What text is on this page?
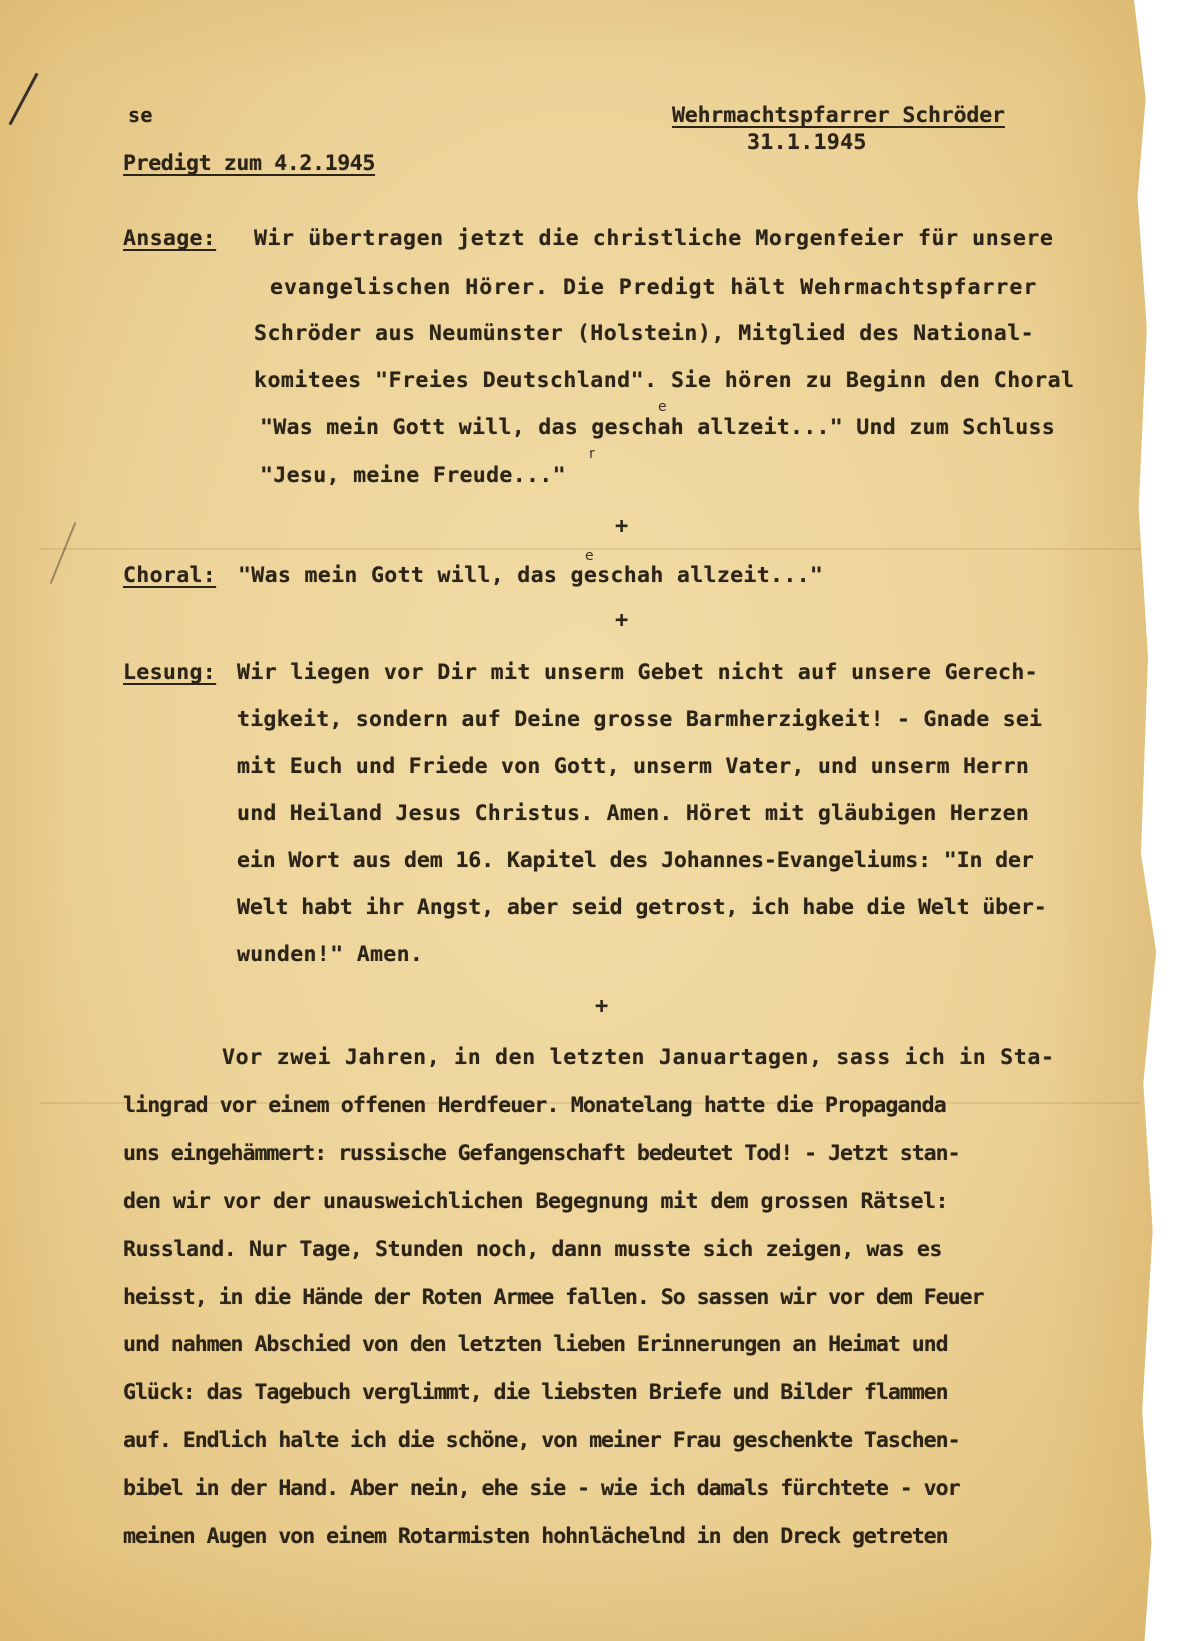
se	Wehrmachtspfarrer Schröder
31.1.1945
Predigt zum 4.2.1945
Ansage: Wir übertragen jetzt die christliche Morgenfeier für unsere
evangelischen Hörer. Die Predigt hält Wehrmachtspfarrer
Schröder aus Neumünster (Holstein), Mitglied des National-
komitees "Freies Deutschland". Sie hören zu Beginn den Choral
"Was mein Gott will, das geschah allzeit..." Und zum Schluss
"Jesu, meine Freude..."
e
r
+
Choral: "Was mein Gott will, das geschah allzeit..."
e
+
Lesung: Wir liegen vor Dir mit unserm Gebet nicht auf unsere Gerech-
tigkeit, sondern auf Deine grosse Barmherzigkeit! - Gnade sei
mit Euch und Friede von Gott, unserm Vater, und unserm Herrn
und Heiland Jesus Christus. Amen. Höret mit gläubigen Herzen
ein Wort aus dem 16. Kapitel des Johannes-Evangeliums: "In der
Welt habt ihr Angst, aber seid getrost, ich habe die Welt über-
wunden!" Amen.
+
Vor zwei Jahren, in den letzten Januartagen, sass ich in Sta-
lingrad vor einem offenen Herdfeuer. Monatelang hatte die Propaganda
uns eingehämmert: russische Gefangenschaft bedeutet Tod! - Jetzt stan-
den wir vor der unausweichlichen Begegnung mit dem grossen Rätsel:
Russland. Nur Tage, Stunden noch, dann musste sich zeigen, was es
heisst, in die Hände der Roten Armee fallen. So sassen wir vor dem Feuer
und nahmen Abschied von den letzten lieben Erinnerungen an Heimat und
Glück: das Tagebuch verglimmt, die liebsten Briefe und Bilder flammen
auf. Endlich halte ich die schöne, von meiner Frau geschenkte Taschen-
bibel in der Hand. Aber nein, ehe sie - wie ich damals fürchtete - vor
meinen Augen von einem Rotarmisten hohnlächelnd in den Dreck getreten
